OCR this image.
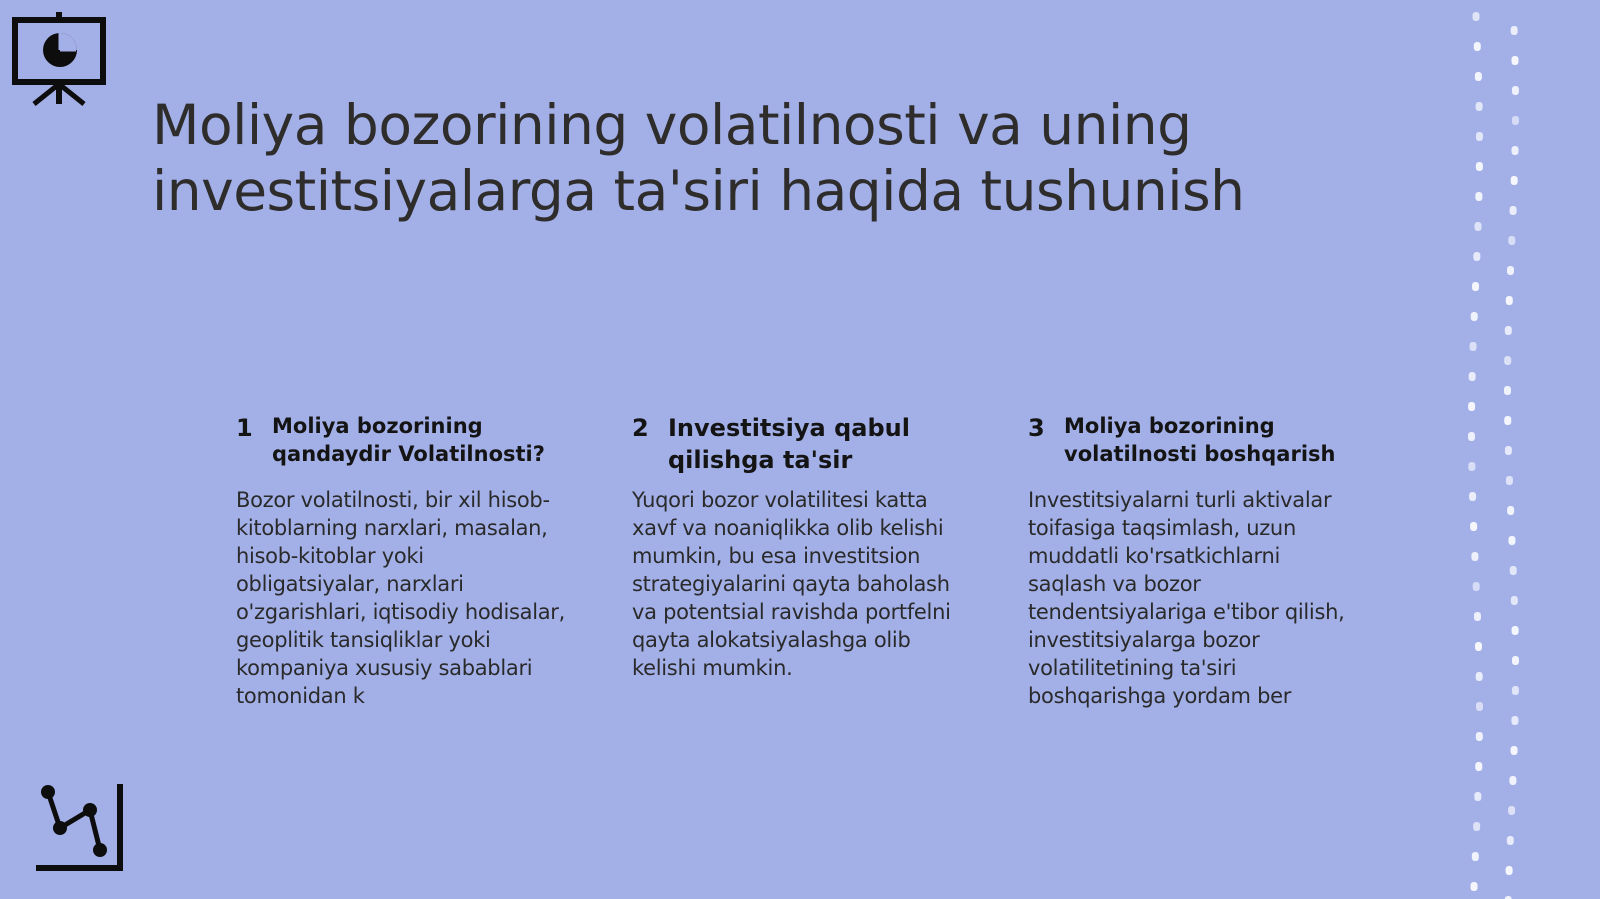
Moliya bozorining volatilnosti va uning investitsiyalarga ta'siri haqida tushunish
1 Moliya bozorining qandaydir Volatilnosti?
Bozor volatilnosti, bir xil hisob-kitoblarning narxlari, masalan, hisob-kitoblar yoki obligatsiyalar, narxlari o'zgarishlari, iqtisodiy hodisalar, geoplitik tansiqliklar yoki kompaniya xususiy sabablari tomonidan k
2 Investitsiya qabul qilishga ta'sir
Yuqori bozor volatilitesi katta xavf va noaniqlikka olib kelishi mumkin, bu esa investitsion strategiyalarini qayta baholash va potentsial ravishda portfelni qayta alokatsiyalashga olib kelishi mumkin.
3 Moliya bozorining volatilnosti boshqarish
Investitsiyalarni turli aktivalar toifasiga taqsimlash, uzun muddatli ko'rsatkichlarni saqlash va bozor tendentsiyalariga e'tibor qilish, investitsiyalarga bozor volatilitetining ta'siri boshqarishga yordam ber
